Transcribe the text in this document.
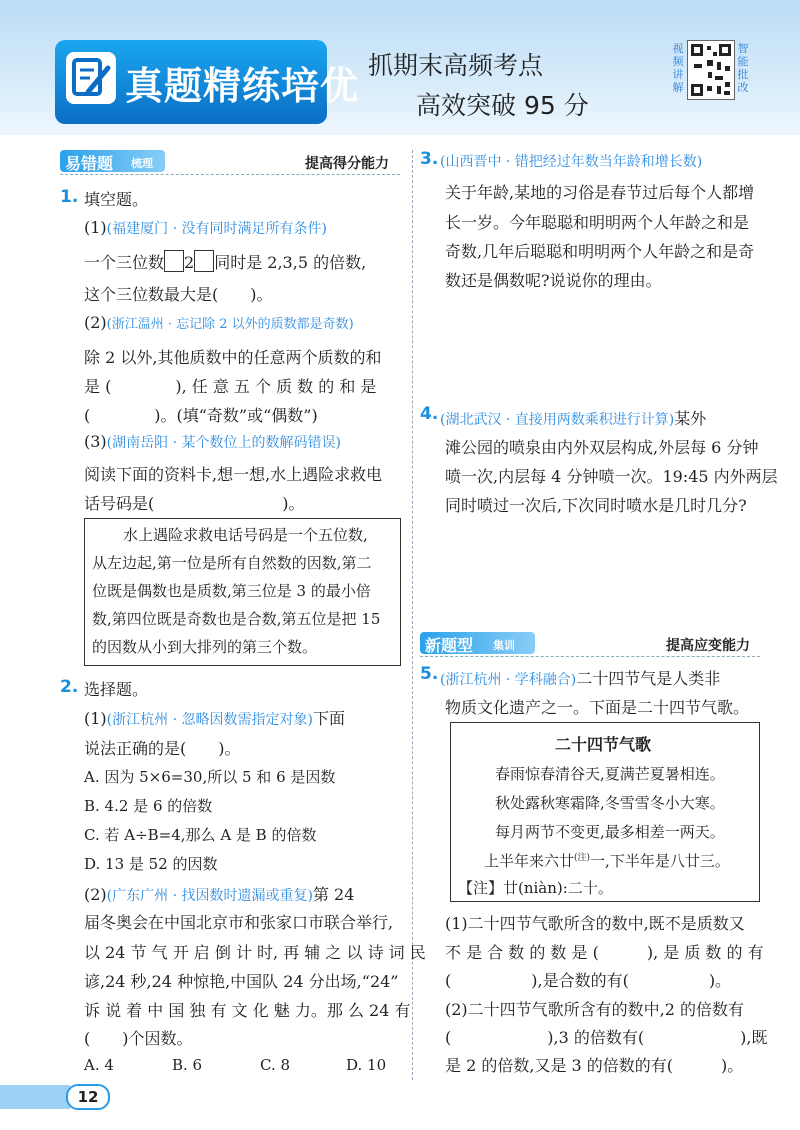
真题精练培优 抓期末高频考点
高效突破 95 分
视频讲解
智能批改
易错题 梳理	提高得分能力
1. 填空题。
(1)(福建厦门 · 没有同时满足所有条件)
一个三位数 2 同时是 2,3,5 的倍数,
这个三位数最大是(　　)。
(2)(浙江温州 · 忘记除 2 以外的质数都是奇数)
除 2 以外,其他质数中的任意两个质数的和
是 (　　　　), 任 意 五 个 质 数 的 和 是
(　　　　)。(填“奇数”或“偶数”)
(3)(湖南岳阳 · 某个数位上的数解码错误)
阅读下面的资料卡,想一想,水上遇险求救电
话号码是(　　　　　　　　)。
水上遇险求救电话号码是一个五位数,
从左边起,第一位是所有自然数的因数,第二
位既是偶数也是质数,第三位是 3 的最小倍
数,第四位既是奇数也是合数,第五位是把 15
的因数从小到大排列的第三个数。
2. 选择题。
(1)(浙江杭州 · 忽略因数需指定对象)下面
说法正确的是(　　)。
A. 因为 5×6=30,所以 5 和 6 是因数
B. 4.2 是 6 的倍数
C. 若 A÷B=4,那么 A 是 B 的倍数
D. 13 是 52 的因数
(2)(广东广州 · 找因数时遗漏或重复)第 24
届冬奥会在中国北京市和张家口市联合举行,
以 24 节 气 开 启 倒 计 时, 再 辅 之 以 诗 词 民
谚,24 秒,24 种惊艳,中国队 24 分出场,“24”
诉 说 着 中 国 独 有 文 化 魅 力。那 么 24 有
(　　)个因数。
A. 4	B. 6	C. 8	D. 10
3. (山西晋中 · 错把经过年数当年龄和增长数)
关于年龄,某地的习俗是春节过后每个人都增
长一岁。今年聪聪和明明两个人年龄之和是
奇数,几年后聪聪和明明两个人年龄之和是奇
数还是偶数呢?说说你的理由。
4. (湖北武汉 · 直接用两数乘积进行计算)某外
滩公园的喷泉由内外双层构成,外层每 6 分钟
喷一次,内层每 4 分钟喷一次。19:45 内外两层
同时喷过一次后,下次同时喷水是几时几分?
新题型 集训	提高应变能力
5. (浙江杭州 · 学科融合)二十四节气是人类非
物质文化遗产之一。下面是二十四节气歌。
二十四节气歌
春雨惊春清谷天,夏满芒夏暑相连。
秋处露秋寒霜降,冬雪雪冬小大寒。
每月两节不变更,最多相差一两天。
上半年来六廿$^{(注)}$一,下半年是八廿三。
【注】廿(niàn):二十。
(1)二十四节气歌所含的数中,既不是质数又
不 是 合 数 的 数 是 (　　　), 是 质 数 的 有
(　　　　　),是合数的有(　　　　　)。
(2)二十四节气歌所含有的数中,2 的倍数有
(　　　　　　),3 的倍数有(　　　　　　),既
是 2 的倍数,又是 3 的倍数的有(　　　)。
12
